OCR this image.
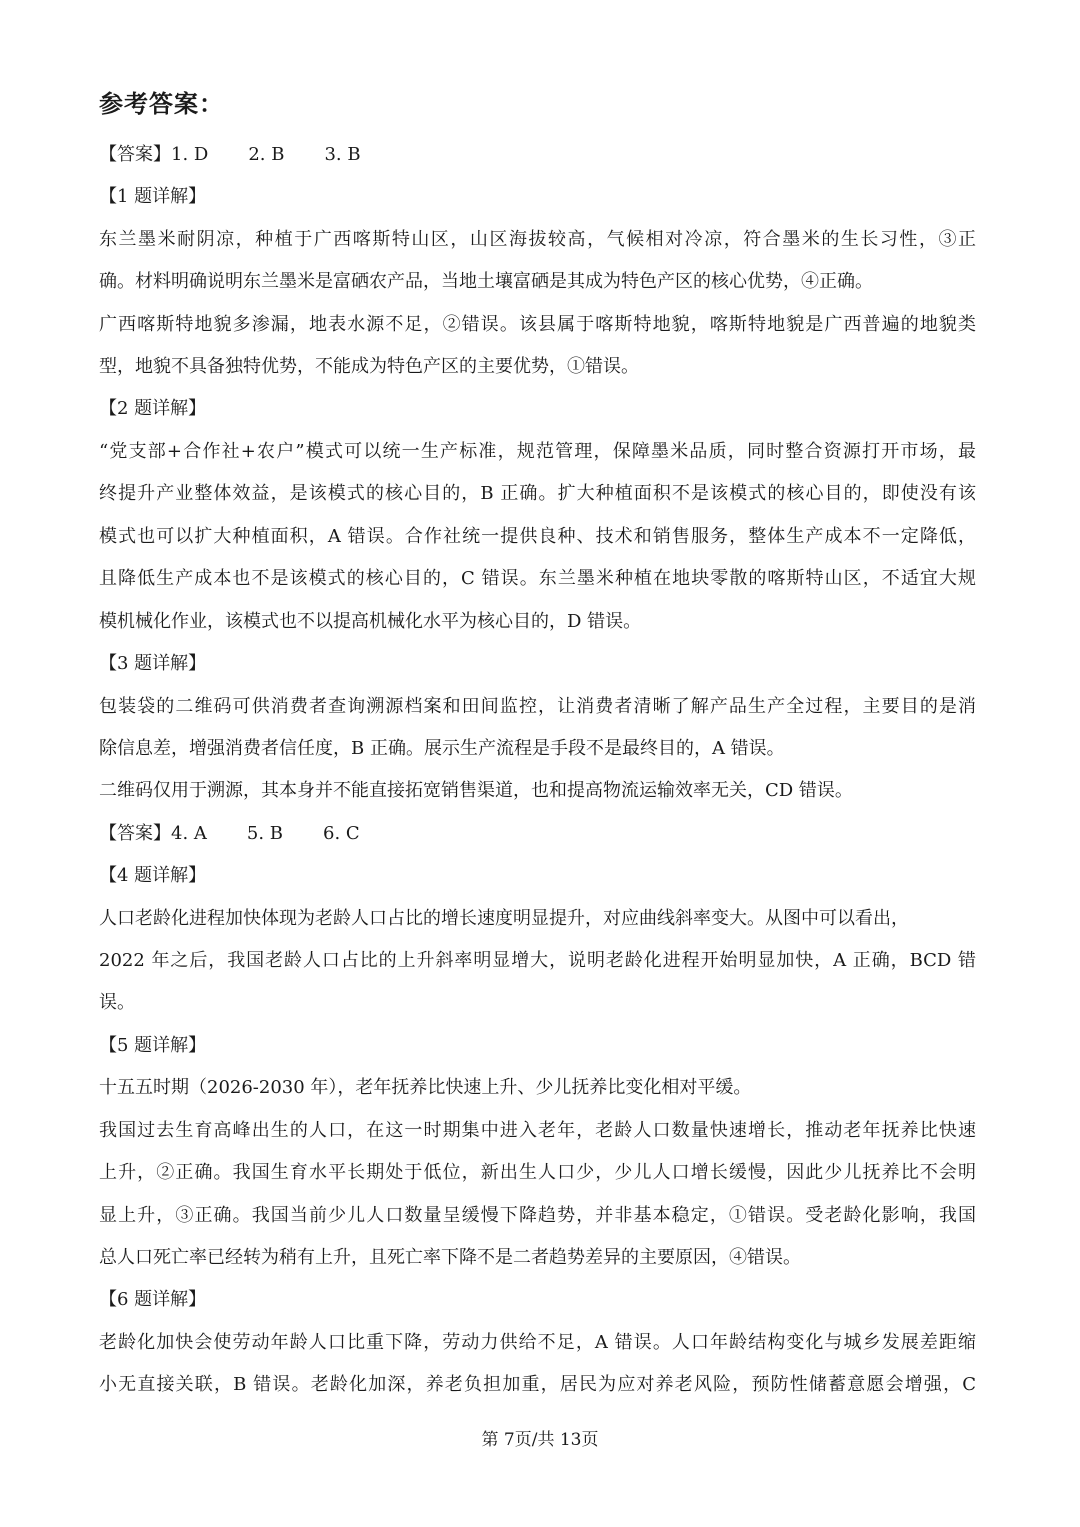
参考答案：
【答案】1. D 2. B 3. B
【1 题详解】
东兰墨米耐阴凉，种植于广西喀斯特山区，山区海拔较高，气候相对冷凉，符合墨米的生长习性，③正
确。材料明确说明东兰墨米是富硒农产品，当地土壤富硒是其成为特色产区的核心优势，④正确。
广西喀斯特地貌多渗漏，地表水源不足，②错误。该县属于喀斯特地貌，喀斯特地貌是广西普遍的地貌类
型，地貌不具备独特优势，不能成为特色产区的主要优势，①错误。
【2 题详解】
“党支部+合作社+农户”模式可以统一生产标准，规范管理，保障墨米品质，同时整合资源打开市场，最
终提升产业整体效益，是该模式的核心目的，B 正确。扩大种植面积不是该模式的核心目的，即使没有该
模式也可以扩大种植面积，A 错误。合作社统一提供良种、技术和销售服务，整体生产成本不一定降低，
且降低生产成本也不是该模式的核心目的，C 错误。东兰墨米种植在地块零散的喀斯特山区，不适宜大规
模机械化作业，该模式也不以提高机械化水平为核心目的，D 错误。
【3 题详解】
包装袋的二维码可供消费者查询溯源档案和田间监控，让消费者清晰了解产品生产全过程，主要目的是消
除信息差，增强消费者信任度，B 正确。展示生产流程是手段不是最终目的，A 错误。
二维码仅用于溯源，其本身并不能直接拓宽销售渠道，也和提高物流运输效率无关，CD 错误。
【答案】4. A 5. B 6. C
【4 题详解】
人口老龄化进程加快体现为老龄人口占比的增长速度明显提升，对应曲线斜率变大。从图中可以看出，
2022 年之后，我国老龄人口占比的上升斜率明显增大，说明老龄化进程开始明显加快，A 正确，BCD 错
误。
【5 题详解】
十五五时期（2026-2030 年），老年抚养比快速上升、少儿抚养比变化相对平缓。
我国过去生育高峰出生的人口，在这一时期集中进入老年，老龄人口数量快速增长，推动老年抚养比快速
上升，②正确。我国生育水平长期处于低位，新出生人口少，少儿人口增长缓慢，因此少儿抚养比不会明
显上升，③正确。我国当前少儿人口数量呈缓慢下降趋势，并非基本稳定，①错误。受老龄化影响，我国
总人口死亡率已经转为稍有上升，且死亡率下降不是二者趋势差异的主要原因，④错误。
【6 题详解】
老龄化加快会使劳动年龄人口比重下降，劳动力供给不足，A 错误。人口年龄结构变化与城乡发展差距缩
小无直接关联，B 错误。老龄化加深，养老负担加重，居民为应对养老风险，预防性储蓄意愿会增强，C
第 7页/共 13页
